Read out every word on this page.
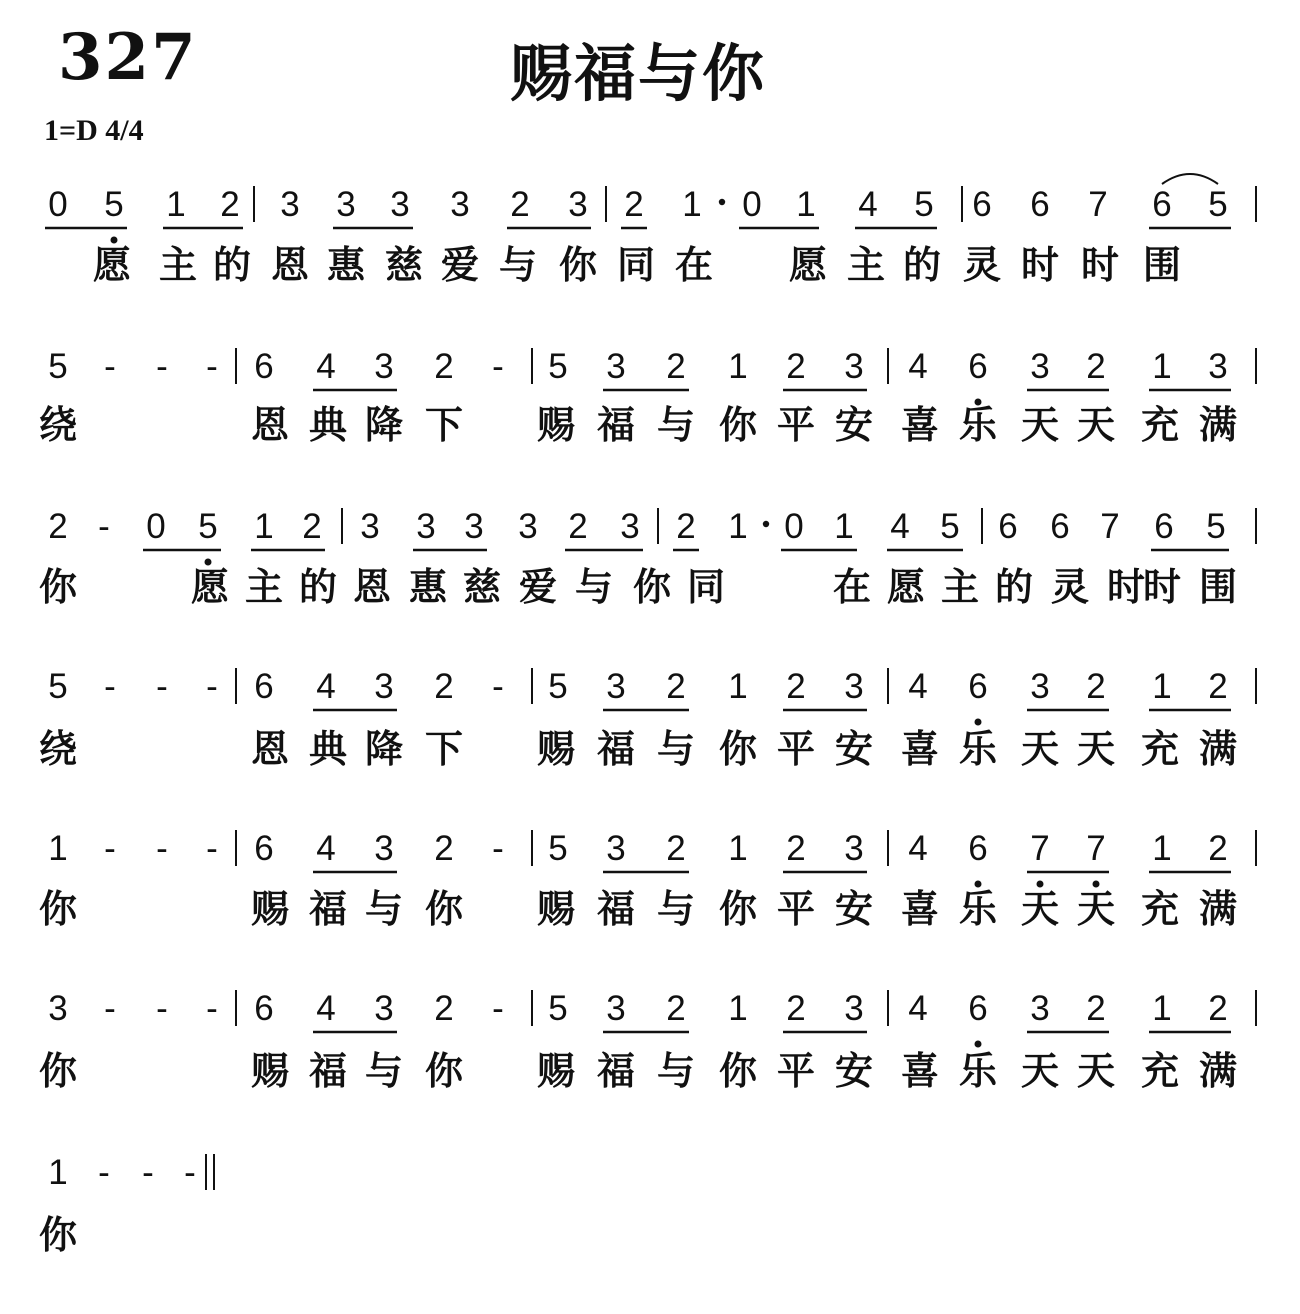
327	赐福与你
1=D 4/4
0 5 1 2 3 3 3 3 2 3 2 1 0 1 4 5 6 6 7 6 5
愿 主 的 恩 惠 慈 爱 与 你 同 在 愿 主 的 灵 时 时 围
5 - - - 6 4 3 2 - 5 3 2 1 2 3 4 6 3 2 1 3
绕	恩 典 降 下 赐 福 与 你 平 安 喜 乐 天 天 充 满
2 - 0 5 1 2 3 3 3 3 2 3 2 1 0 1 4 5 6 6 7 6 5
你	愿 主 的 恩 惠 慈 爱 与 你 同	在 愿 主 的 灵 时
时 围
5 - - - 6 4 3 2 - 5 3 2 1 2 3 4 6 3 2 1 2
绕	恩 典 降 下 赐 福 与 你 平 安 喜 乐 天 天 充 满
1 - - - 6 4 3 2 - 5 3 2 1 2 3 4 6 7 7 1 2
你	赐 福 与 你 赐 福 与 你 平 安 喜 乐 天 天 充 满
3 - - - 6 4 3 2 - 5 3 2 1 2 3 4 6 3 2 1 2
你	赐 福 与 你 赐 福 与 你 平 安 喜 乐 天 天 充 满
1 - - -
你
